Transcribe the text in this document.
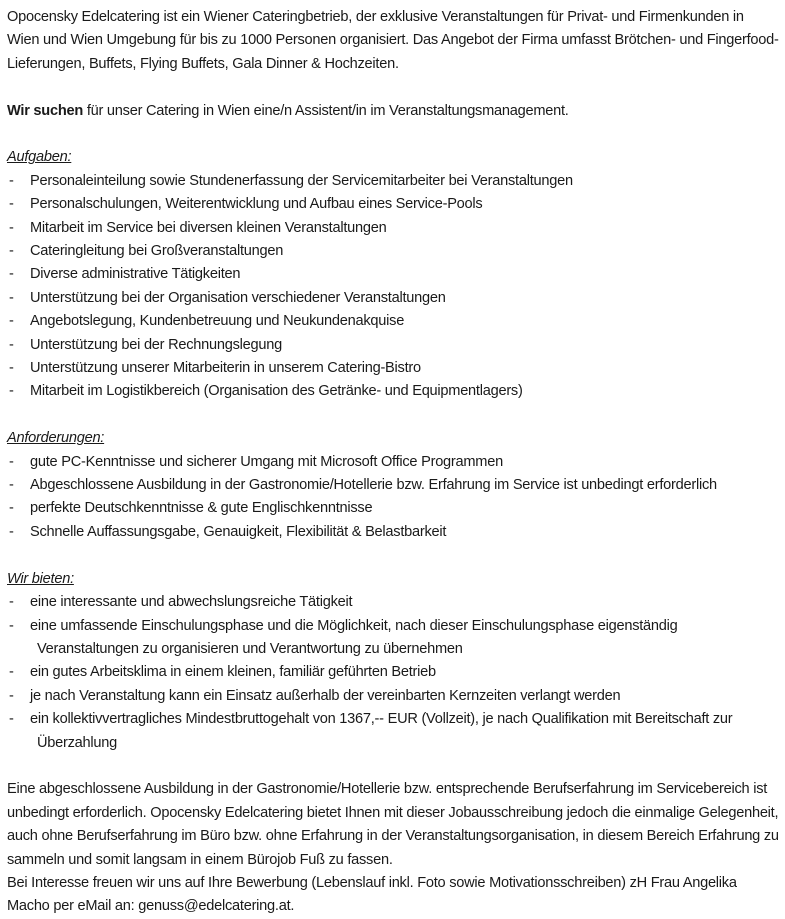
Opocensky Edelcatering ist ein Wiener Cateringbetrieb, der exklusive Veranstaltungen für Privat- und Firmenkunden in Wien und Wien Umgebung für bis zu 1000 Personen organisiert. Das Angebot der Firma umfasst Brötchen- und Fingerfood-Lieferungen, Buffets, Flying Buffets, Gala Dinner & Hochzeiten.

Wir suchen für unser Catering in Wien eine/n Assistent/in im Veranstaltungsmanagement.

Aufgaben:

- Personaleinteilung sowie Stundenerfassung der Servicemitarbeiter bei Veranstaltungen
- Personalschulungen, Weiterentwicklung und Aufbau eines Service-Pools
- Mitarbeit im Service bei diversen kleinen Veranstaltungen
- Cateringleitung bei Großveranstaltungen
- Diverse administrative Tätigkeiten
- Unterstützung bei der Organisation verschiedener Veranstaltungen
- Angebotslegung, Kundenbetreuung und Neukundenakquise
- Unterstützung bei der Rechnungslegung
- Unterstützung unserer Mitarbeiterin in unserem Catering-Bistro
- Mitarbeit im Logistikbereich (Organisation des Getränke- und Equipmentlagers)

Anforderungen:

- gute PC-Kenntnisse und sicherer Umgang mit Microsoft Office Programmen
- Abgeschlossene Ausbildung in der Gastronomie/Hotellerie bzw. Erfahrung im Service ist unbedingt erforderlich
- perfekte Deutschkenntnisse & gute Englischkenntnisse
- Schnelle Auffassungsgabe, Genauigkeit, Flexibilität & Belastbarkeit

Wir bieten:

- eine interessante und abwechslungsreiche Tätigkeit
- eine umfassende Einschulungsphase und die Möglichkeit, nach dieser Einschulungsphase eigenständig
Veranstaltungen zu organisieren und Verantwortung zu übernehmen
- ein gutes Arbeitsklima in einem kleinen, familiär geführten Betrieb
- je nach Veranstaltung kann ein Einsatz außerhalb der vereinbarten Kernzeiten verlangt werden
- ein kollektivvertragliches Mindestbruttogehalt von 1367,-- EUR (Vollzeit), je nach Qualifikation mit Bereitschaft zur
Überzahlung

Eine abgeschlossene Ausbildung in der Gastronomie/Hotellerie bzw. entsprechende Berufserfahrung im Servicebereich ist unbedingt erforderlich. Opocensky Edelcatering bietet Ihnen mit dieser Jobausschreibung jedoch die einmalige Gelegenheit, auch ohne Berufserfahrung im Büro bzw. ohne Erfahrung in der Veranstaltungsorganisation, in diesem Bereich Erfahrung zu sammeln und somit langsam in einem Bürojob Fuß zu fassen.

Bei Interesse freuen wir uns auf Ihre Bewerbung (Lebenslauf inkl. Foto sowie Motivationsschreiben) zH Frau Angelika Macho per eMail an: genuss@edelcatering.at.
